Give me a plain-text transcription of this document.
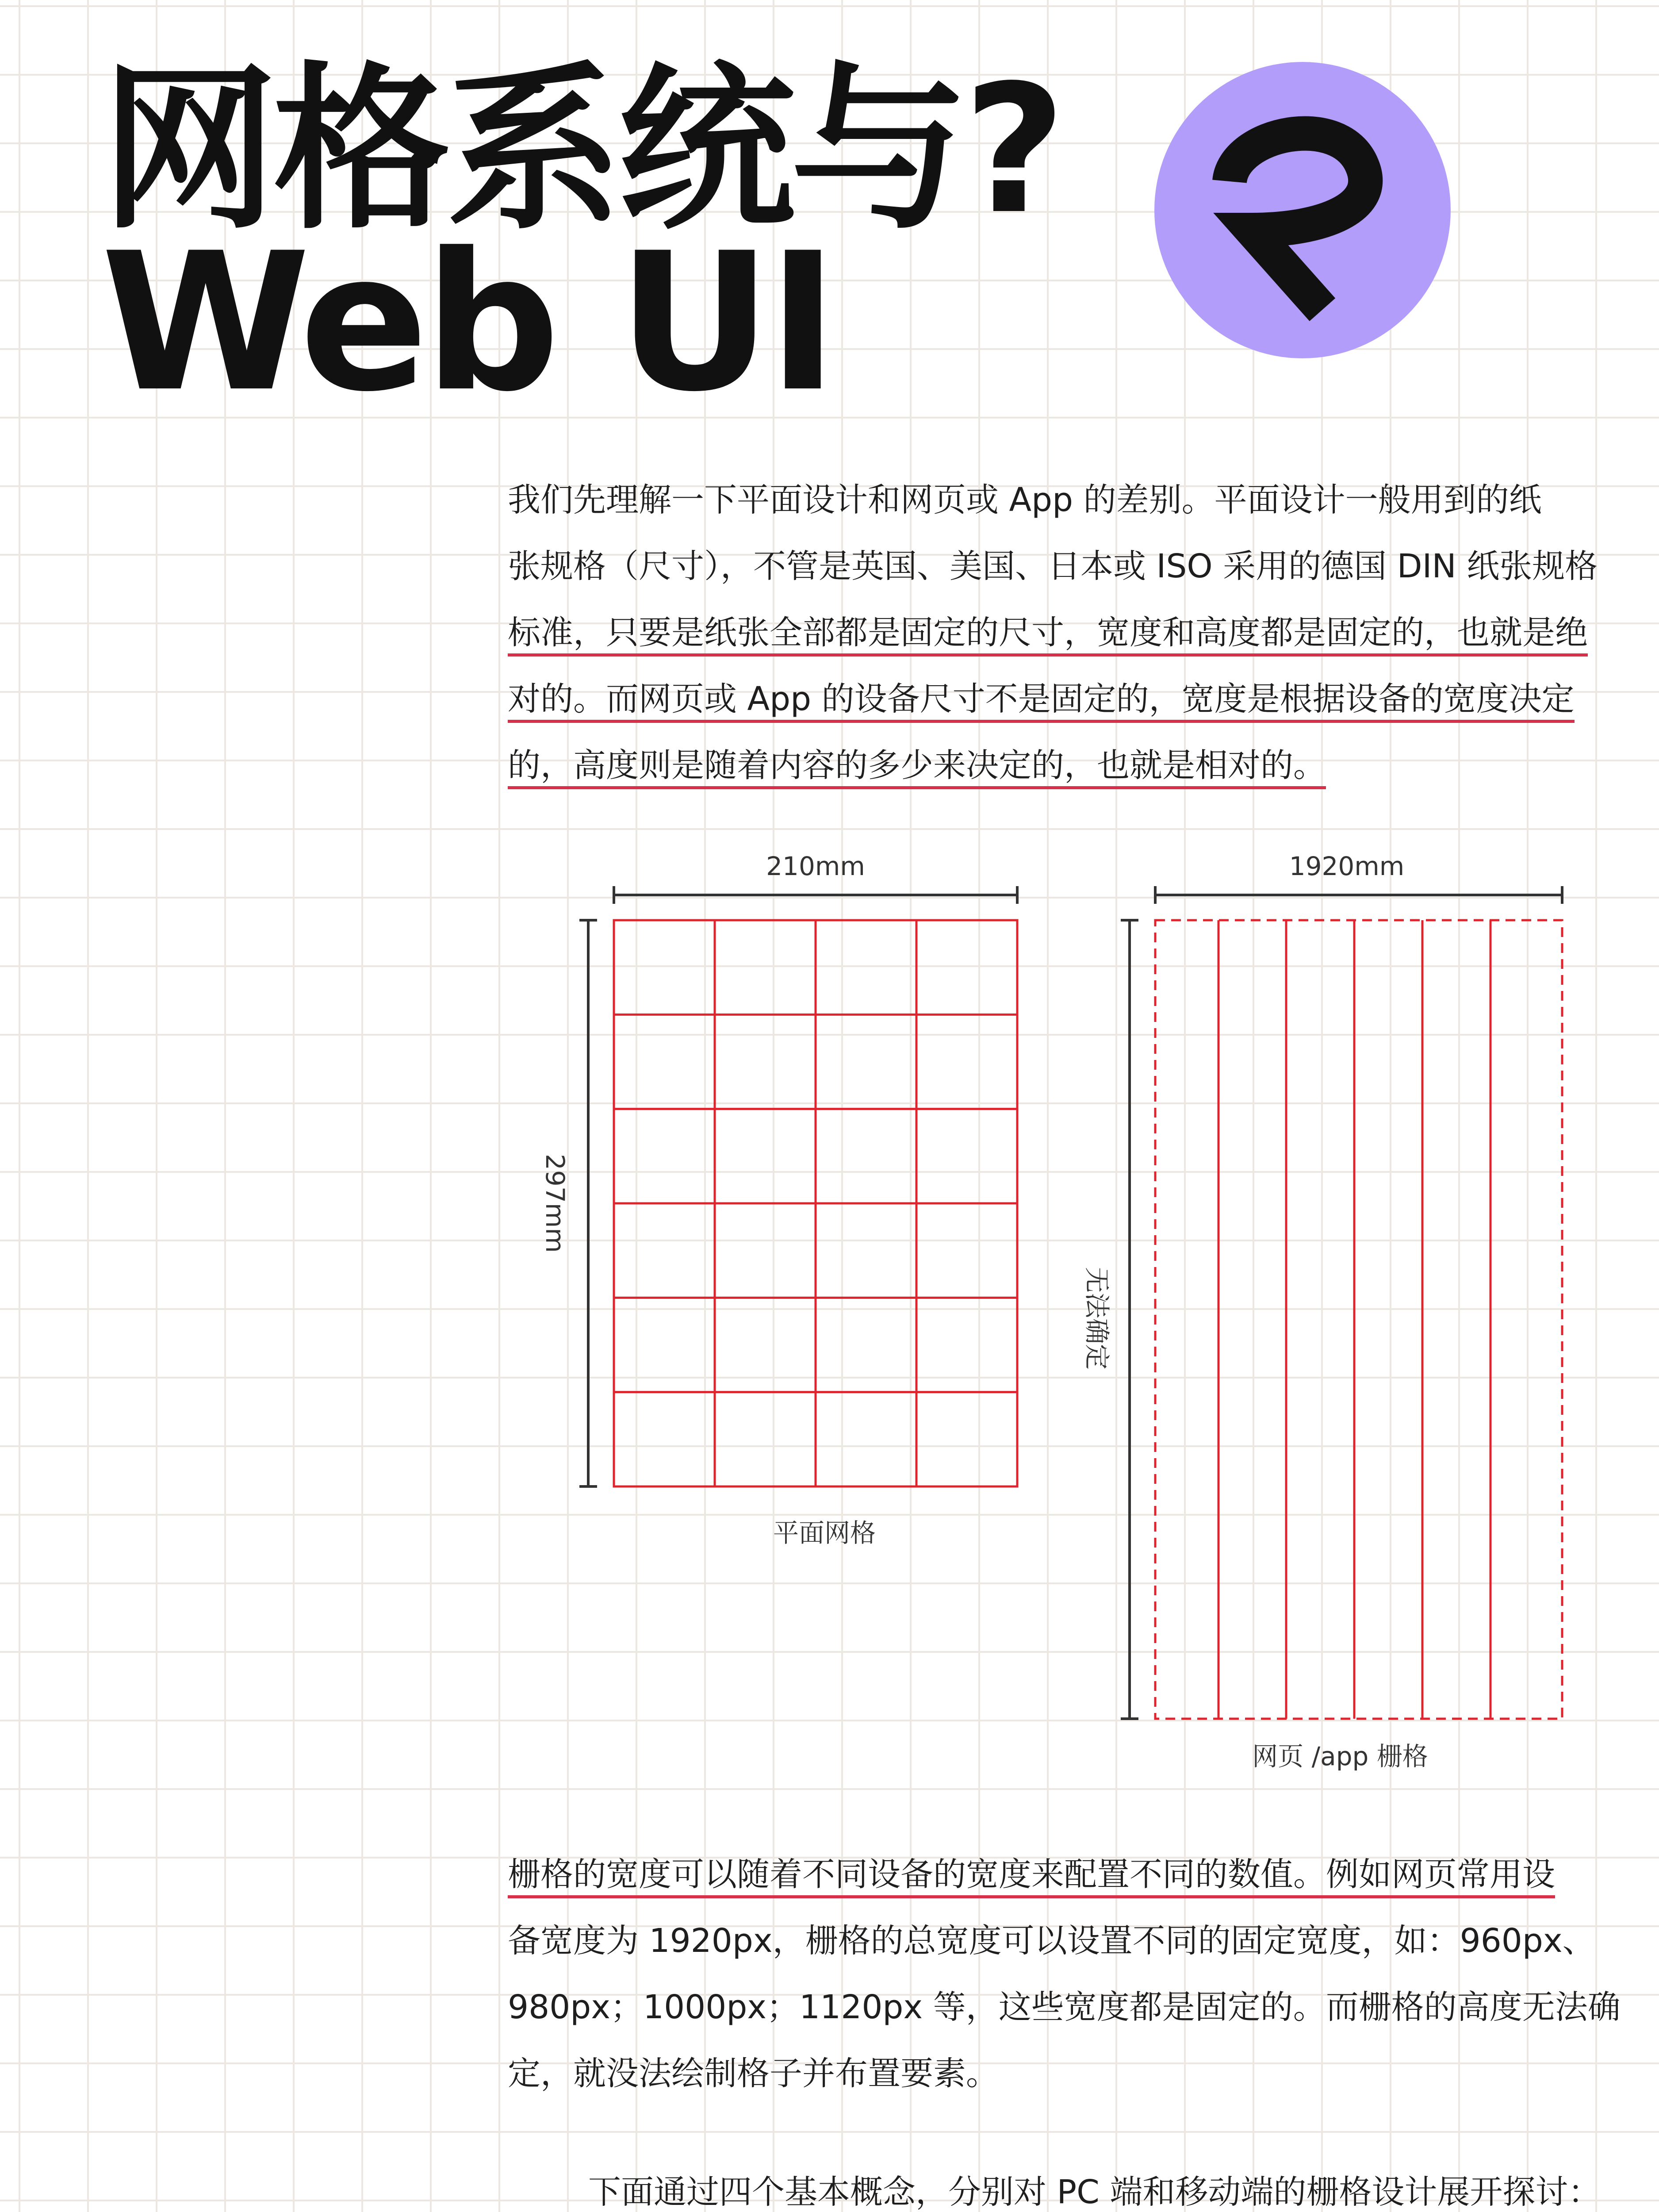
网格系统与?
Web UI
我们先理解一下平面设计和网页或 App 的差别。平面设计一般用到的纸
张规格（尺寸），不管是英国、美国、日本或 ISO 采用的德国 DIN 纸张规格
标准，只要是纸张全部都是固定的尺寸，宽度和高度都是固定的，也就是绝
对的。而网页或 App 的设备尺寸不是固定的，宽度是根据设备的宽度决定
的，高度则是随着内容的多少来决定的，也就是相对的。
210mm
297mm
平面网格
1920mm
无法确定
网页 /app 栅格
栅格的宽度可以随着不同设备的宽度来配置不同的数值。例如网页常用设
备宽度为 1920px，栅格的总宽度可以设置不同的固定宽度，如：960px、
980px；1000px；1120px 等，这些宽度都是固定的。而栅格的高度无法确
定，就没法绘制格子并布置要素。
下面通过四个基本概念，分别对 PC 端和移动端的栅格设计展开探讨：
